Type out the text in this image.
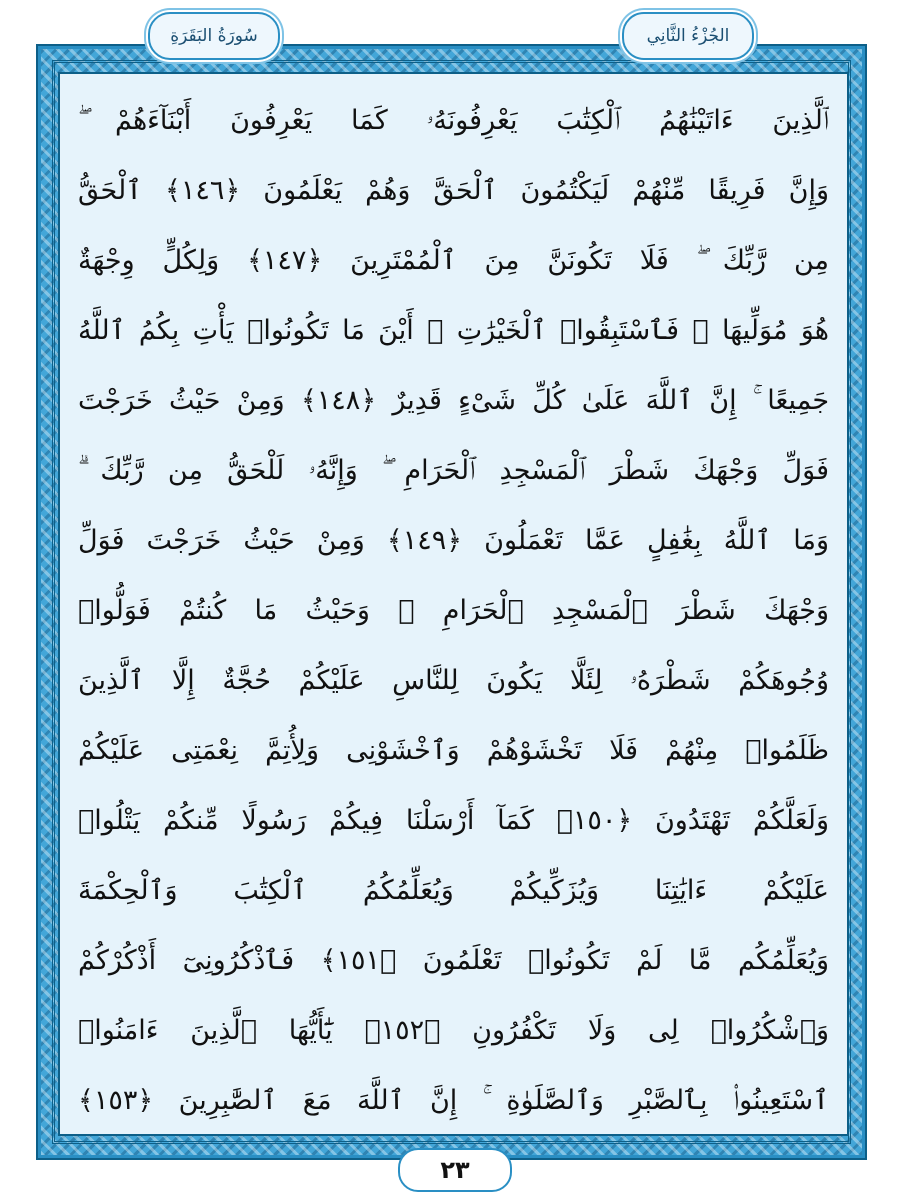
سُورَةُ البَقَرَةِ	الجُزْءُ الثَّانِي
ٱلَّذِينَ ءَاتَيْنَٰهُمُ ٱلْكِتَٰبَ يَعْرِفُونَهُۥ كَمَا يَعْرِفُونَ أَبْنَآءَهُمْ ۖ
وَإِنَّ فَرِيقًا مِّنْهُمْ لَيَكْتُمُونَ ٱلْحَقَّ وَهُمْ يَعْلَمُونَ ﴿١٤٦﴾ ٱلْحَقُّ
مِن رَّبِّكَ ۖ فَلَا تَكُونَنَّ مِنَ ٱلْمُمْتَرِينَ ﴿١٤٧﴾ وَلِكُلٍّ وِجْهَةٌ
هُوَ مُوَلِّيهَا ۖ فَٱسْتَبِقُوا۟ ٱلْخَيْرَٰتِ ۚ أَيْنَ مَا تَكُونُوا۟ يَأْتِ بِكُمُ ٱللَّهُ
جَمِيعًا ۚ إِنَّ ٱللَّهَ عَلَىٰ كُلِّ شَىْءٍ قَدِيرٌ ﴿١٤٨﴾ وَمِنْ حَيْثُ خَرَجْتَ
فَوَلِّ وَجْهَكَ شَطْرَ ٱلْمَسْجِدِ ٱلْحَرَامِ ۖ وَإِنَّهُۥ لَلْحَقُّ مِن رَّبِّكَ ۗ
وَمَا ٱللَّهُ بِغَٰفِلٍ عَمَّا تَعْمَلُونَ ﴿١٤٩﴾ وَمِنْ حَيْثُ خَرَجْتَ فَوَلِّ
وَجْهَكَ شَطْرَ ٱلْمَسْجِدِ ٱلْحَرَامِ ۚ وَحَيْثُ مَا كُنتُمْ فَوَلُّوا۟
وُجُوهَكُمْ شَطْرَهُۥ لِئَلَّا يَكُونَ لِلنَّاسِ عَلَيْكُمْ حُجَّةٌ إِلَّا ٱلَّذِينَ
ظَلَمُوا۟ مِنْهُمْ فَلَا تَخْشَوْهُمْ وَٱخْشَوْنِى وَلِأُتِمَّ نِعْمَتِى عَلَيْكُمْ
وَلَعَلَّكُمْ تَهْتَدُونَ ﴿١٥٠﴾ كَمَآ أَرْسَلْنَا فِيكُمْ رَسُولًا مِّنكُمْ يَتْلُوا۟
عَلَيْكُمْ ءَايَٰتِنَا وَيُزَكِّيكُمْ وَيُعَلِّمُكُمُ ٱلْكِتَٰبَ وَٱلْحِكْمَةَ
وَيُعَلِّمُكُم مَّا لَمْ تَكُونُوا۟ تَعْلَمُونَ ﴿١٥١﴾ فَٱذْكُرُونِىٓ أَذْكُرْكُمْ
وَٱشْكُرُوا۟ لِى وَلَا تَكْفُرُونِ ﴿١٥٢﴾ يَٰٓأَيُّهَا ٱلَّذِينَ ءَامَنُوا۟
ٱسْتَعِينُوا۟ بِٱلصَّبْرِ وَٱلصَّلَوٰةِ ۚ إِنَّ ٱللَّهَ مَعَ ٱلصَّٰبِرِينَ ﴿١٥٣﴾
٢٣
